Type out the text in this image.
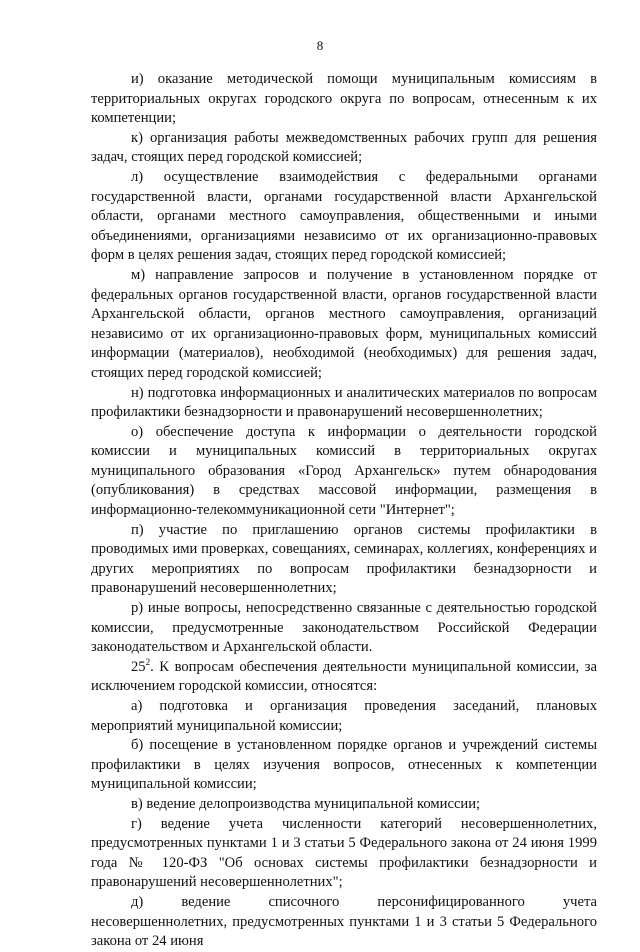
8

и) оказание методической помощи муниципальным комиссиям в территориальных округах городского округа по вопросам, отнесенным к их компетенции;

к) организация работы межведомственных рабочих групп для решения задач, стоящих перед городской комиссией;

л) осуществление взаимодействия с федеральными органами государственной власти, органами государственной власти Архангельской области, органами местного самоуправления, общественными и иными объединениями, организациями независимо от их организационно-правовых форм в целях решения задач, стоящих перед городской комиссией;

м) направление запросов и получение в установленном порядке от федеральных органов государственной власти, органов государственной власти Архангельской области, органов местного самоуправления, организаций независимо от их организационно-правовых форм, муниципальных комиссий информации (материалов), необходимой (необходимых) для решения задач, стоящих перед городской комиссией;

н) подготовка информационных и аналитических материалов по вопросам профилактики безнадзорности и правонарушений несовершеннолетних;

о) обеспечение доступа к информации о деятельности городской комиссии и муниципальных комиссий в территориальных округах муниципального образования «Город Архангельск» путем обнародования (опубликования) в средствах массовой информации, размещения в информационно-телекоммуникационной сети "Интернет";

п) участие по приглашению органов системы профилактики в проводимых ими проверках, совещаниях, семинарах, коллегиях, конференциях и других мероприятиях по вопросам профилактики безнадзорности и правонарушений несовершеннолетних;

р) иные вопросы, непосредственно связанные с деятельностью городской комиссии, предусмотренные законодательством Российской Федерации законодательством и Архангельской области.

$25^2$. К вопросам обеспечения деятельности муниципальной комиссии, за исключением городской комиссии, относятся:

а) подготовка и организация проведения заседаний, плановых мероприятий муниципальной комиссии;

б) посещение в установленном порядке органов и учреждений системы профилактики в целях изучения вопросов, отнесенных к компетенции муниципальной комиссии;

в) ведение делопроизводства муниципальной комиссии;

г) ведение учета численности категорий несовершеннолетних, предусмотренных пунктами 1 и 3 статьи 5 Федерального закона от 24 июня 1999 года № 120-ФЗ "Об основах системы профилактики безнадзорности и правонарушений несовершеннолетних";

д) ведение списочного персонифицированного учета несовершеннолетних, предусмотренных пунктами 1 и 3 статьи 5 Федерального закона от 24 июня
